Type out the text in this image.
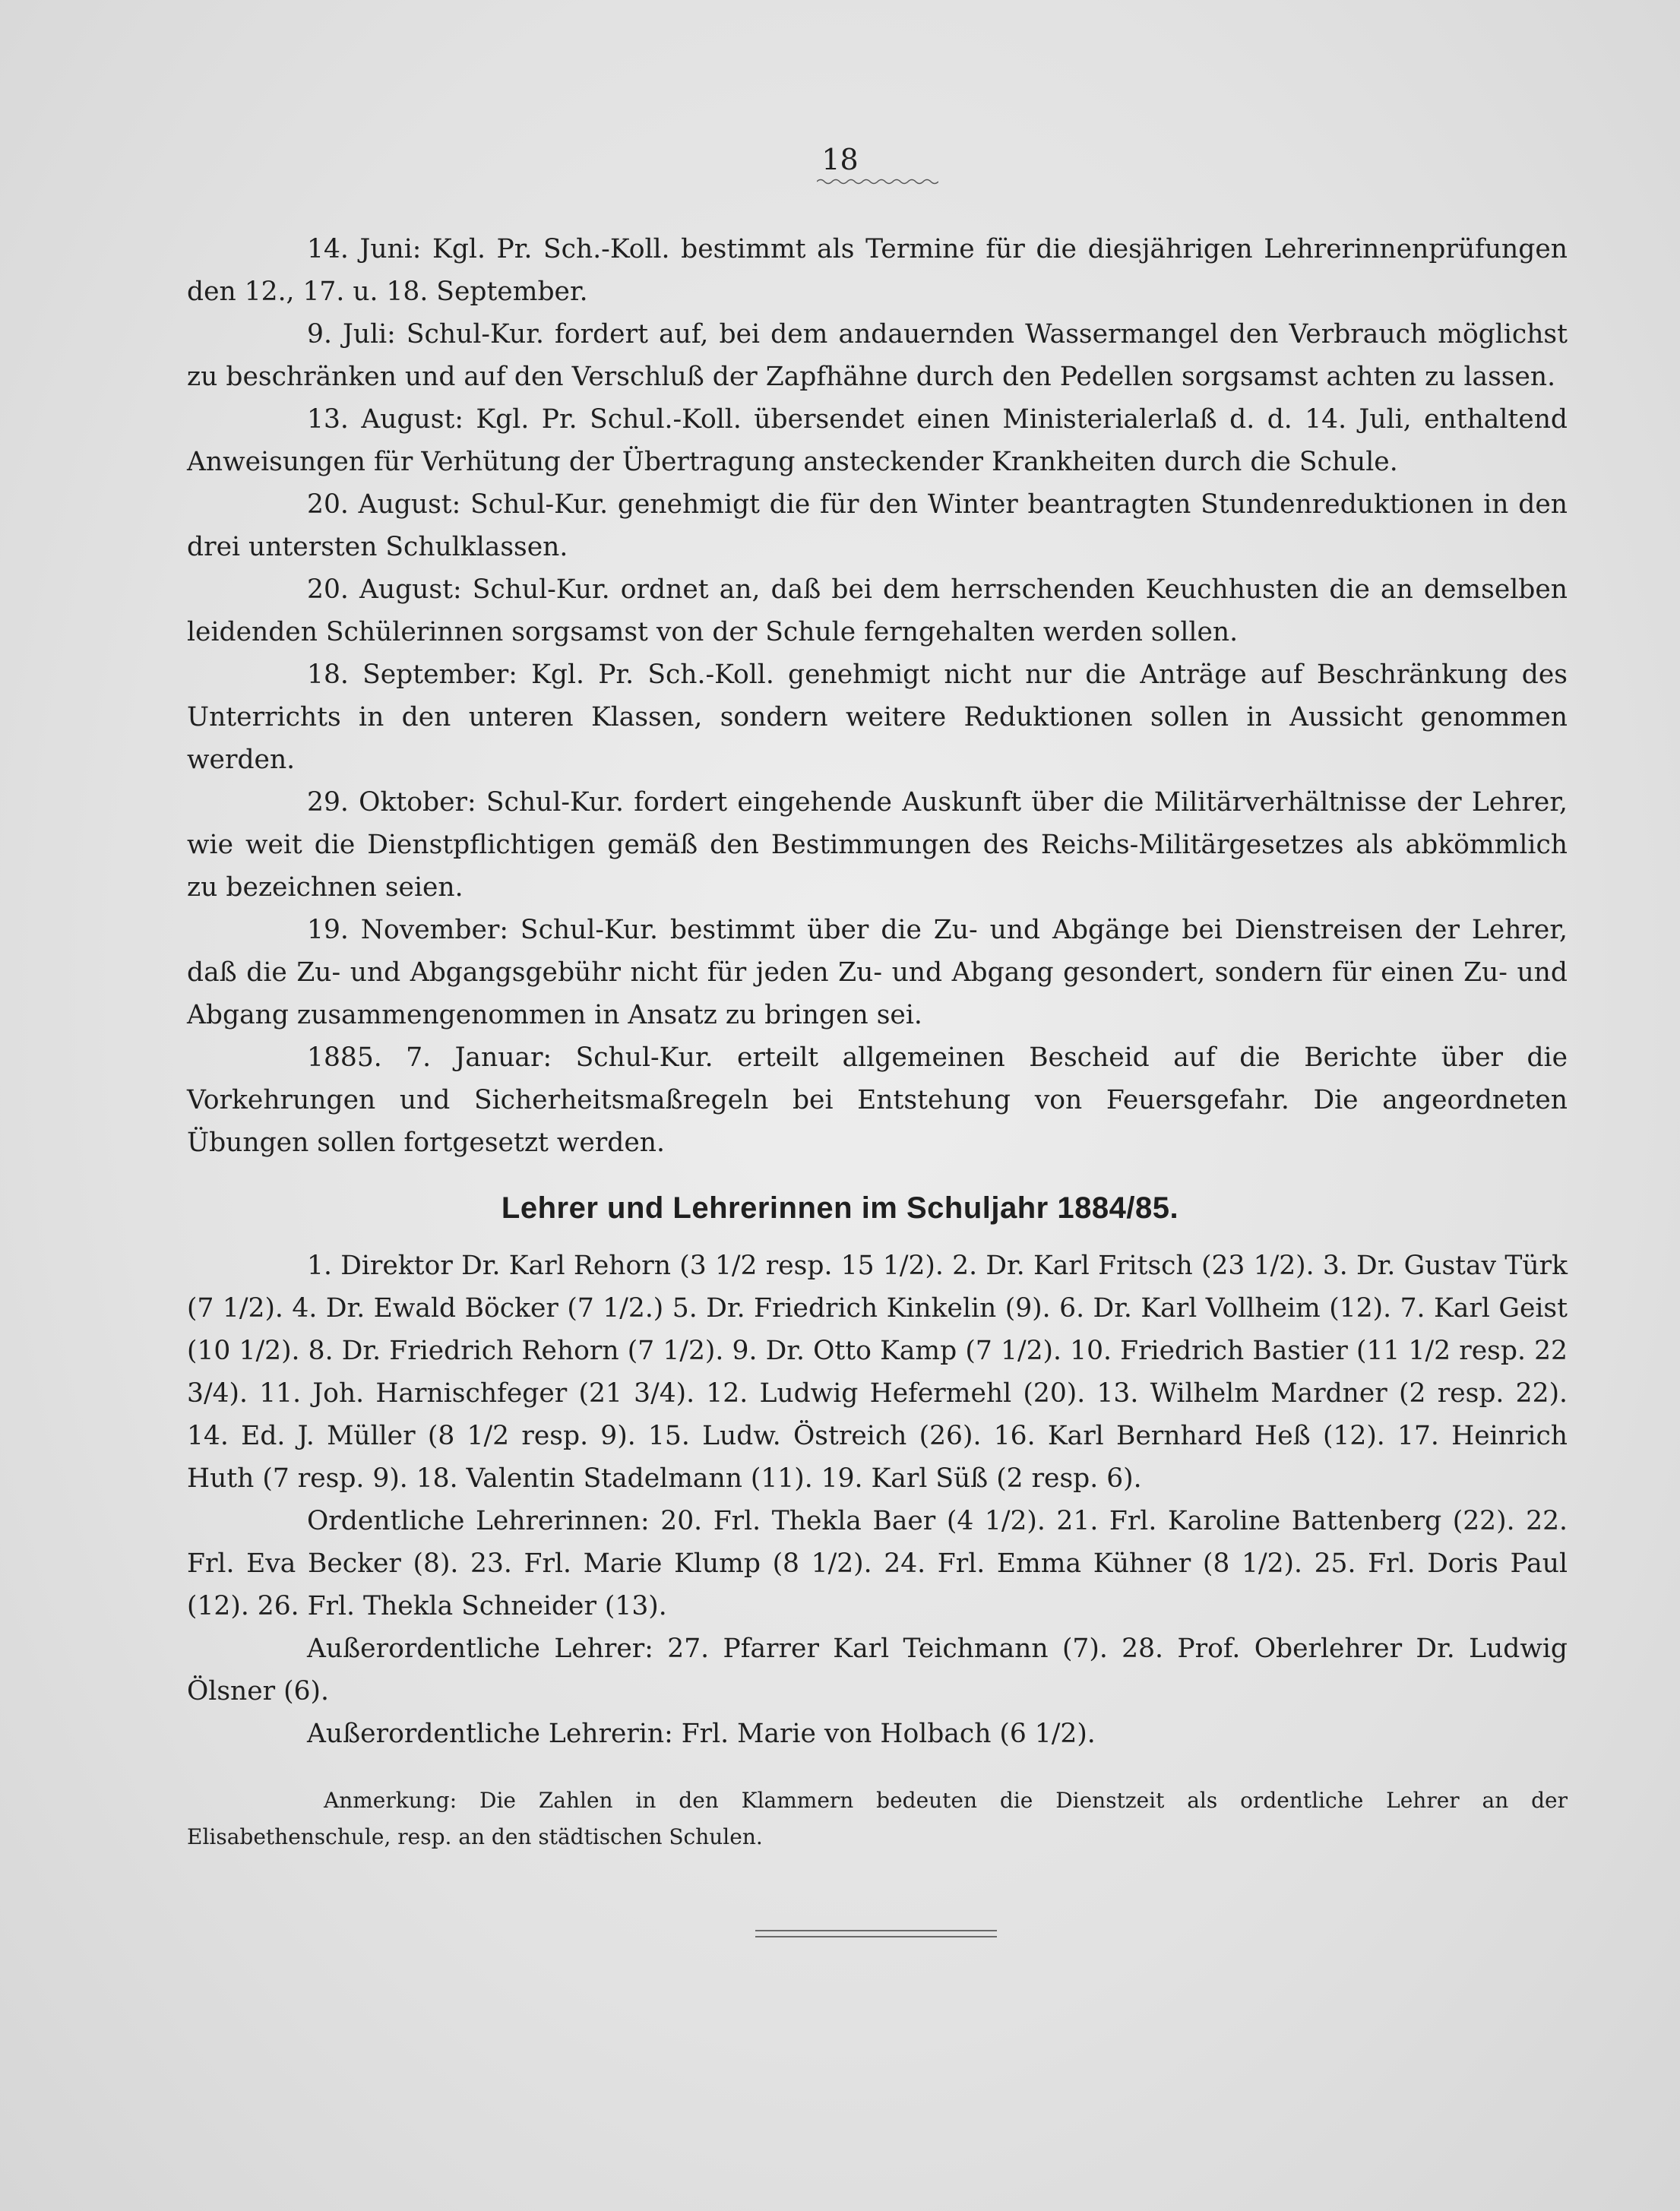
18

14. Juni: Kgl. Pr. Sch.-Koll. bestimmt als Termine für die diesjährigen Lehrerinnenprüfungen den 12., 17. u. 18. September.

9. Juli: Schul-Kur. fordert auf, bei dem andauernden Wassermangel den Verbrauch möglichst zu beschränken und auf den Verschluß der Zapfhähne durch den Pedellen sorgsamst achten zu lassen.

13. August: Kgl. Pr. Schul.-Koll. übersendet einen Ministerialerlaß d. d. 14. Juli, enthaltend Anweisungen für Verhütung der Übertragung ansteckender Krankheiten durch die Schule.

20. August: Schul-Kur. genehmigt die für den Winter beantragten Stundenreduktionen in den drei untersten Schulklassen.

20. August: Schul-Kur. ordnet an, daß bei dem herrschenden Keuchhusten die an demselben leidenden Schülerinnen sorgsamst von der Schule ferngehalten werden sollen.

18. September: Kgl. Pr. Sch.-Koll. genehmigt nicht nur die Anträge auf Beschränkung des Unterrichts in den unteren Klassen, sondern weitere Reduktionen sollen in Aussicht genommen werden.

29. Oktober: Schul-Kur. fordert eingehende Auskunft über die Militärverhältnisse der Lehrer, wie weit die Dienstpflichtigen gemäß den Bestimmungen des Reichs-Militärgesetzes als abkömmlich zu bezeichnen seien.

19. November: Schul-Kur. bestimmt über die Zu- und Abgänge bei Dienstreisen der Lehrer, daß die Zu- und Abgangsgebühr nicht für jeden Zu- und Abgang gesondert, sondern für einen Zu- und Abgang zusammengenommen in Ansatz zu bringen sei.

1885. 7. Januar: Schul-Kur. erteilt allgemeinen Bescheid auf die Berichte über die Vorkehrungen und Sicherheitsmaßregeln bei Entstehung von Feuersgefahr. Die angeordneten Übungen sollen fortgesetzt werden.

Lehrer und Lehrerinnen im Schuljahr 1884/85.

1. Direktor Dr. Karl Rehorn (3 1/2 resp. 15 1/2). 2. Dr. Karl Fritsch (23 1/2). 3. Dr. Gustav Türk (7 1/2). 4. Dr. Ewald Böcker (7 1/2.) 5. Dr. Friedrich Kinkelin (9). 6. Dr. Karl Vollheim (12). 7. Karl Geist (10 1/2). 8. Dr. Friedrich Rehorn (7 1/2). 9. Dr. Otto Kamp (7 1/2). 10. Friedrich Bastier (11 1/2 resp. 22 3/4). 11. Joh. Harnischfeger (21 3/4). 12. Ludwig Hefermehl (20). 13. Wilhelm Mardner (2 resp. 22). 14. Ed. J. Müller (8 1/2 resp. 9). 15. Ludw. Östreich (26). 16. Karl Bernhard Heß (12). 17. Heinrich Huth (7 resp. 9). 18. Valentin Stadelmann (11). 19. Karl Süß (2 resp. 6).

Ordentliche Lehrerinnen: 20. Frl. Thekla Baer (4 1/2). 21. Frl. Karoline Battenberg (22). 22. Frl. Eva Becker (8). 23. Frl. Marie Klump (8 1/2). 24. Frl. Emma Kühner (8 1/2). 25. Frl. Doris Paul (12). 26. Frl. Thekla Schneider (13).

Außerordentliche Lehrer: 27. Pfarrer Karl Teichmann (7). 28. Prof. Oberlehrer Dr. Ludwig Ölsner (6).

Außerordentliche Lehrerin: Frl. Marie von Holbach (6 1/2).

Anmerkung: Die Zahlen in den Klammern bedeuten die Dienstzeit als ordentliche Lehrer an der Elisabethenschule, resp. an den städtischen Schulen.
